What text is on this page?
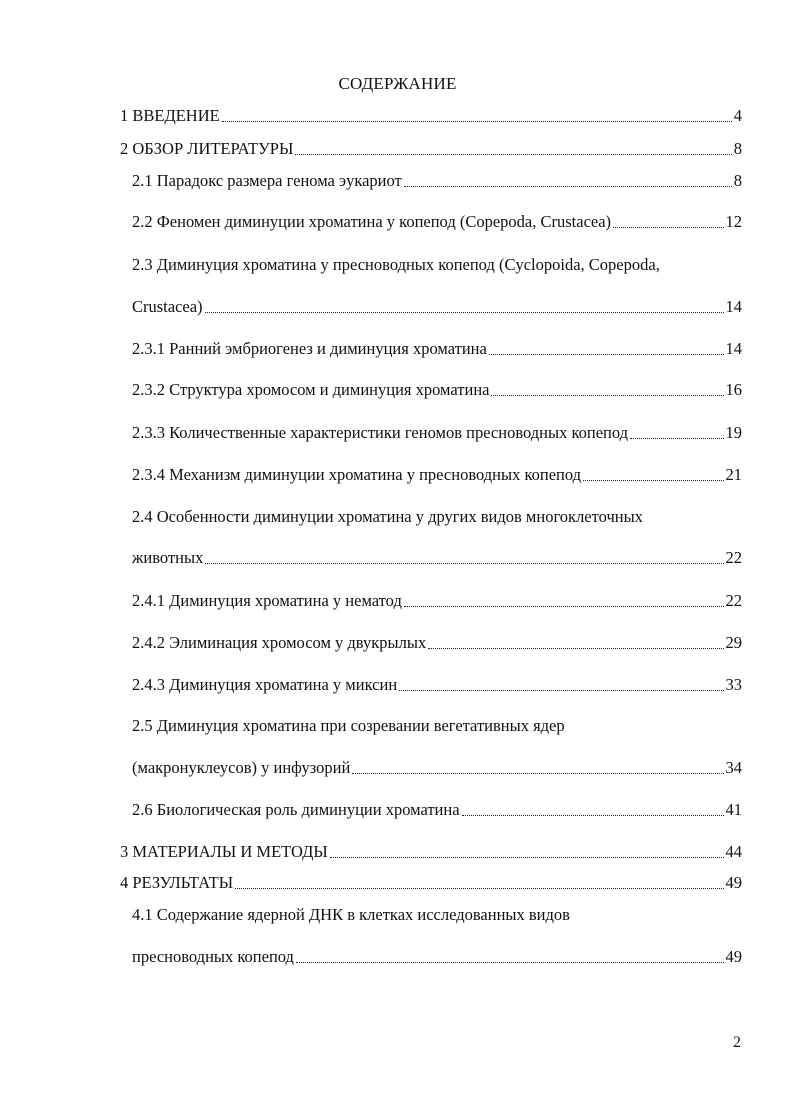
СОДЕРЖАНИЕ
1 ВВЕДЕНИЕ	4
2 ОБЗОР ЛИТЕРАТУРЫ	8
2.1 Парадокс размера генома эукариот	8
2.2 Феномен диминуции хроматина у копепод (Copepoda, Crustacea)	12
2.3 Диминуция хроматина у пресноводных копепод (Cyclopoida, Copepoda,
Crustacea)	14
2.3.1 Ранний эмбриогенез и диминуция хроматина	14
2.3.2 Структура хромосом и диминуция хроматина	16
2.3.3 Количественные характеристики геномов пресноводных копепод	19
2.3.4 Механизм диминуции хроматина у пресноводных копепод	21
2.4 Особенности диминуции хроматина у других видов многоклеточных
животных	22
2.4.1 Диминуция хроматина у нематод	22
2.4.2 Элиминация хромосом у двукрылых	29
2.4.3 Диминуция хроматина у миксин	33
2.5 Диминуция хроматина при созревании вегетативных ядер
(макронуклеусов) у инфузорий	34
2.6 Биологическая роль диминуции хроматина	41
3 МАТЕРИАЛЫ И МЕТОДЫ	44
4 РЕЗУЛЬТАТЫ	49
4.1 Содержание ядерной ДНК в клетках исследованных видов
пресноводных копепод	49
2
